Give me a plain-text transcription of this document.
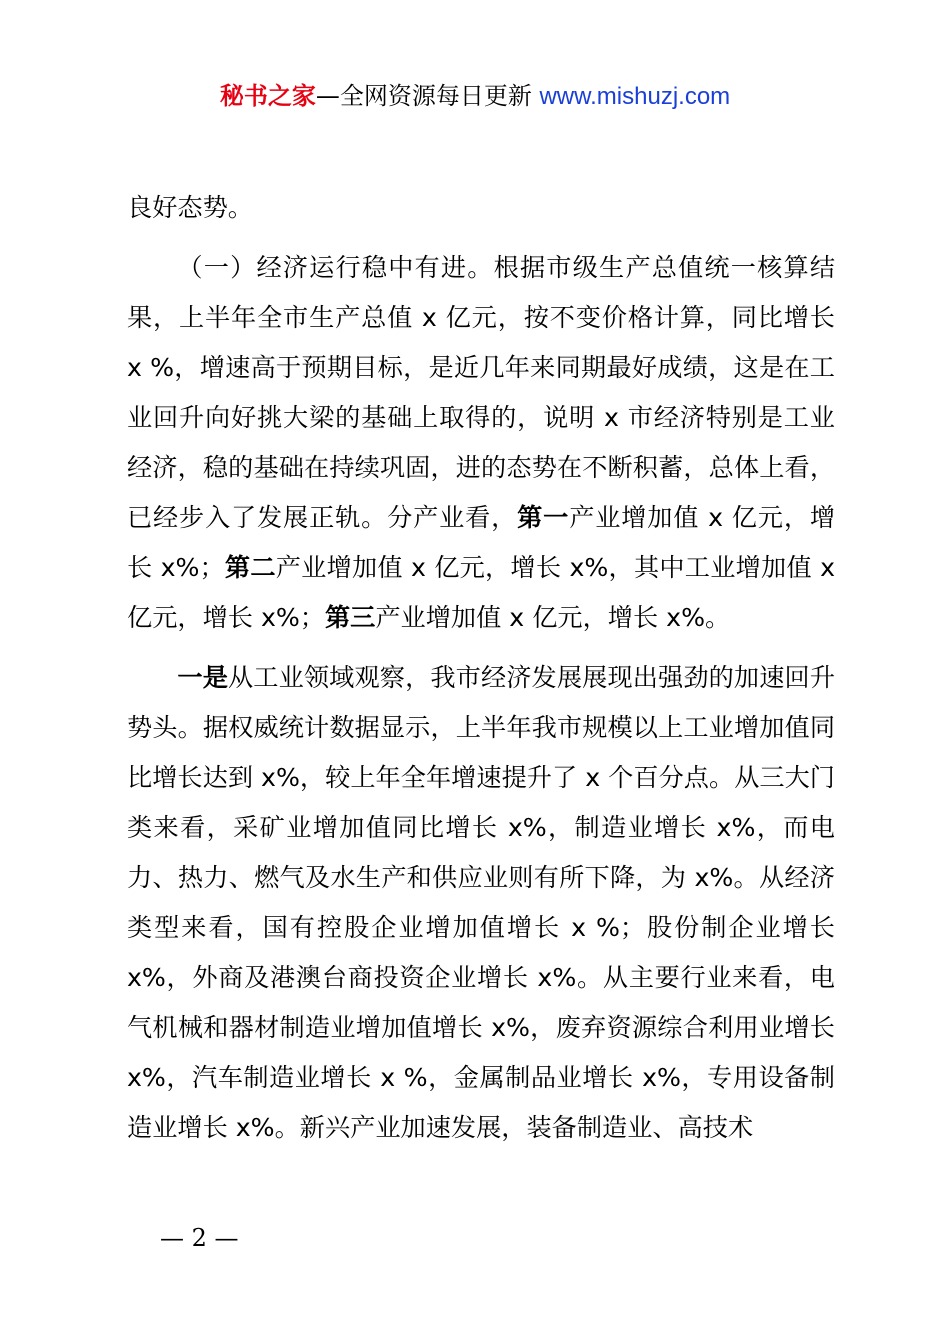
秘书之家—全网资源每日更新 www.mishuzj.com

良好态势。

（一）经济运行稳中有进。根据市级生产总值统一核算结果，上半年全市生产总值 x 亿元，按不变价格计算，同比增长 x %，增速高于预期目标，是近几年来同期最好成绩，这是在工业回升向好挑大梁的基础上取得的，说明 x 市经济特别是工业经济，稳的基础在持续巩固，进的态势在不断积蓄，总体上看，已经步入了发展正轨。分产业看，第一产业增加值 x 亿元，增长 x%；第二产业增加值 x 亿元，增长 x%，其中工业增加值 x 亿元，增长 x%；第三产业增加值 x 亿元，增长 x%。

一是从工业领域观察，我市经济发展展现出强劲的加速回升势头。据权威统计数据显示，上半年我市规模以上工业增加值同比增长达到 x%，较上年全年增速提升了 x 个百分点。从三大门类来看，采矿业增加值同比增长 x%，制造业增长 x%，而电力、热力、燃气及水生产和供应业则有所下降，为 x%。从经济类型来看，国有控股企业增加值增长 x %；股份制企业增长 x%，外商及港澳台商投资企业增长 x%。从主要行业来看，电气机械和器材制造业增加值增长 x%，废弃资源综合利用业增长 x%，汽车制造业增长 x %，金属制品业增长 x%，专用设备制造业增长 x%。新兴产业加速发展，装备制造业、高技术

— 2 —
